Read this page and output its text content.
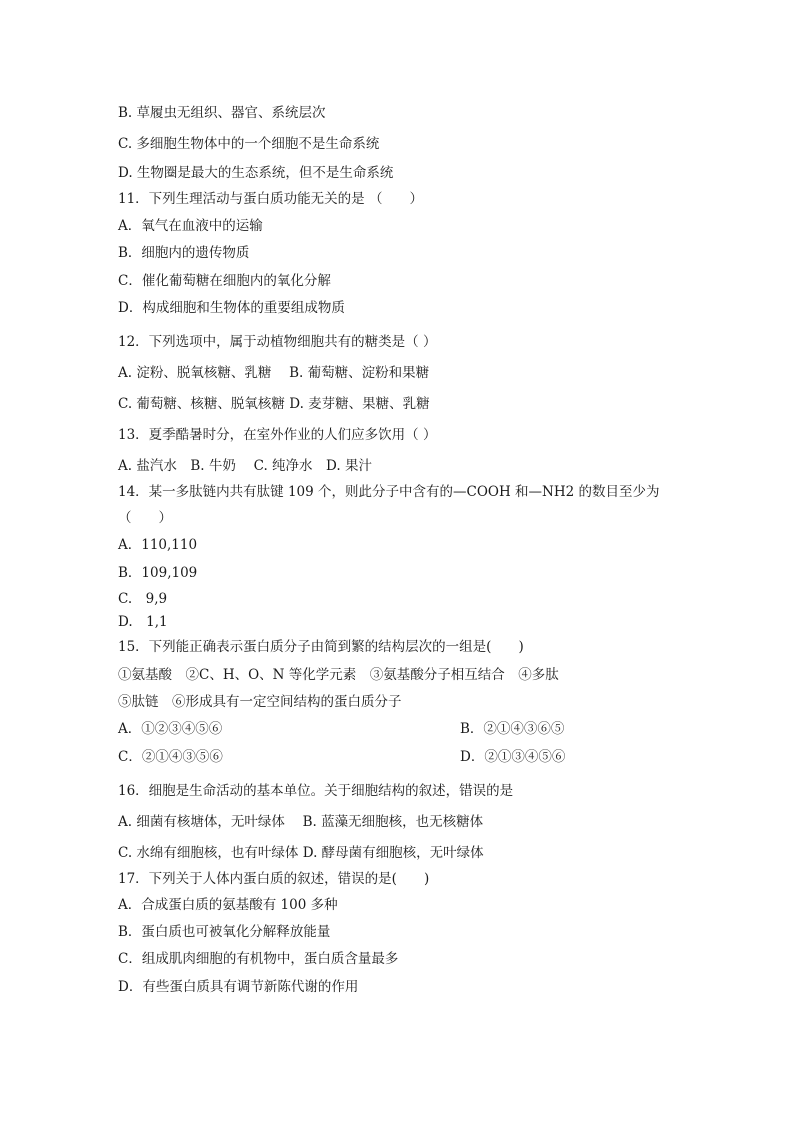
B. 草履虫无组织、器官、系统层次
C. 多细胞生物体中的一个细胞不是生命系统
D. 生物圈是最大的生态系统，但不是生命系统
11．下列生理活动与蛋白质功能无关的是 （　　）
A．氧气在血液中的运输
B．细胞内的遗传物质
C．催化葡萄糖在细胞内的氧化分解
D．构成细胞和生物体的重要组成物质
12．下列选项中，属于动植物细胞共有的糖类是（ ）
A. 淀粉、脱氧核糖、乳糖　 B. 葡萄糖、淀粉和果糖
C. 葡萄糖、核糖、脱氧核糖 D. 麦芽糖、果糖、乳糖
13．夏季酷暑时分，在室外作业的人们应多饮用（ ）
A. 盐汽水　B. 牛奶　 C. 纯净水　D. 果汁
14．某一多肽链内共有肽键 109 个，则此分子中含有的—COOH 和—NH2 的数目至少为
（　　）
A．110,110
B．109,109
C.　9,9
D.　1,1
15．下列能正确表示蛋白质分子由简到繁的结构层次的一组是(　　)
①氨基酸　②C、H、O、N 等化学元素　③氨基酸分子相互结合　④多肽
⑤肽链　⑥形成具有一定空间结构的蛋白质分子
A．①②③④⑤⑥	B．②①④③⑥⑤
C．②①④③⑤⑥	D．②①③④⑤⑥
16．细胞是生命活动的基本单位。关于细胞结构的叙述，错误的是
A. 细菌有核塘体，无叶绿体　 B. 蓝藻无细胞核，也无核糖体
C. 水绵有细胞核，也有叶绿体 D. 酵母菌有细胞核，无叶绿体
17．下列关于人体内蛋白质的叙述，错误的是(　　)
A．合成蛋白质的氨基酸有 100 多种
B．蛋白质也可被氧化分解释放能量
C．组成肌肉细胞的有机物中，蛋白质含量最多
D．有些蛋白质具有调节新陈代谢的作用
